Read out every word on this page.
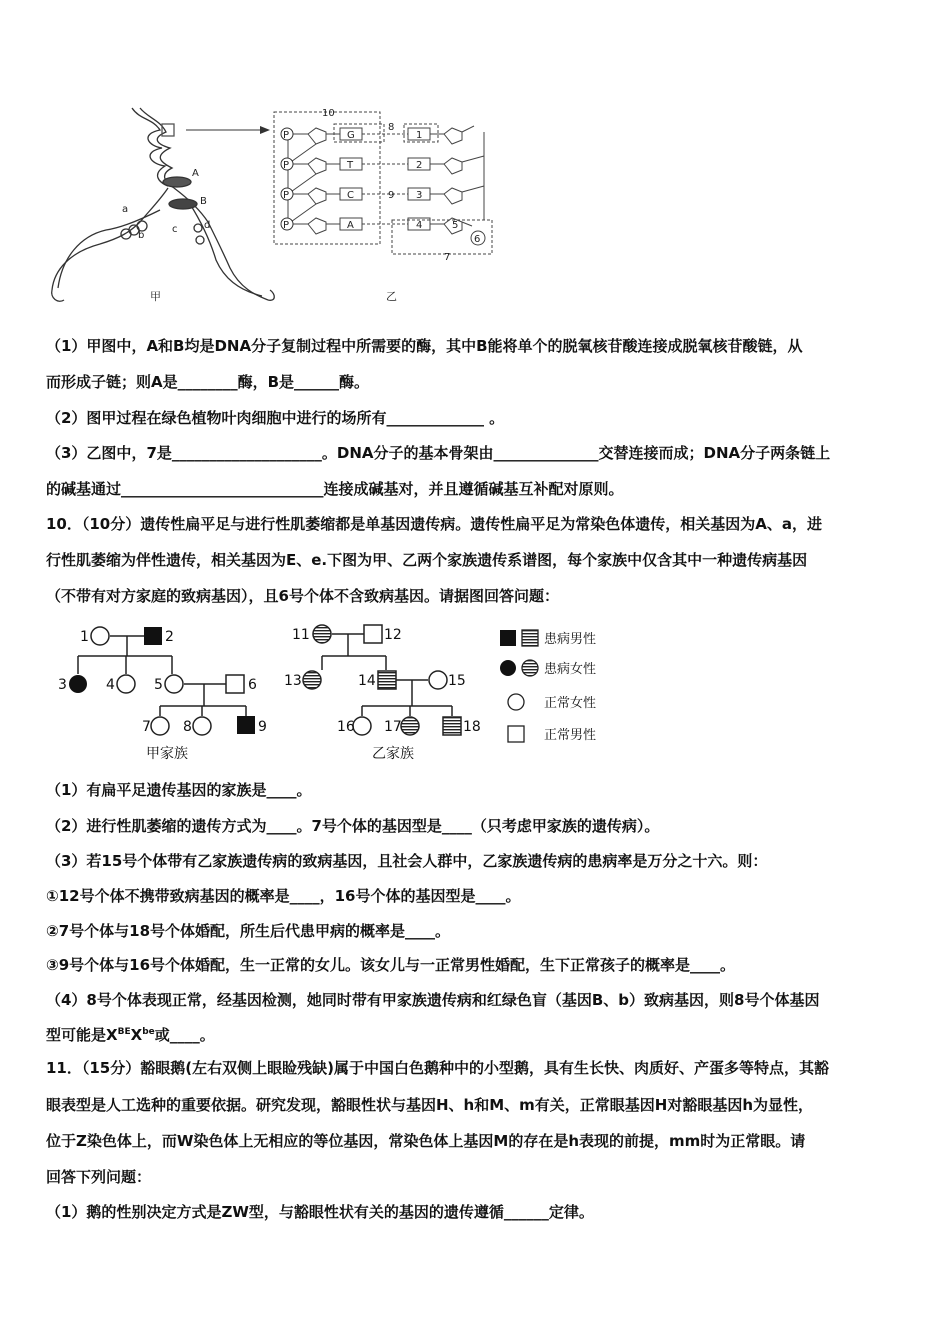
A
B
a
b
c	d
甲
P
P
P
P
G
T
C
A
1
2
3
4
10
8
9
5
6
7
乙
（1）甲图中，A和B均是DNA分子复制过程中所需要的酶，其中B能将单个的脱氧核苷酸连接成脱氧核苷酸链，从
而形成子链；则A是________酶，B是______酶。
（2）图甲过程在绿色植物叶肉细胞中进行的场所有_____________ 。
（3）乙图中，7是____________________。DNA分子的基本骨架由______________交替连接而成；DNA分子两条链上
的碱基通过___________________________连接成碱基对，并且遵循碱基互补配对原则。
10．（10分）遗传性扁平足与进行性肌萎缩都是单基因遗传病。遗传性扁平足为常染色体遗传，相关基因为A、a，进
行性肌萎缩为伴性遗传，相关基因为E、e.下图为甲、乙两个家族遗传系谱图，每个家族中仅含其中一种遗传病基因
（不带有对方家庭的致病基因），且6号个体不含致病基因。请据图回答问题：
1	2
3	4	5	6
7 8	9
11	12
13	14	15
16 17	18
甲家族	乙家族
患病男性
患病女性
正常女性
正常男性
（1）有扁平足遗传基因的家族是____。
（2）进行性肌萎缩的遗传方式为____。7号个体的基因型是____（只考虑甲家族的遗传病）。
（3）若15号个体带有乙家族遗传病的致病基因，且社会人群中，乙家族遗传病的患病率是万分之十六。则：
①12号个体不携带致病基因的概率是____，16号个体的基因型是____。
②7号个体与18号个体婚配，所生后代患甲病的概率是____。
③9号个体与16号个体婚配，生一正常的女儿。该女儿与一正常男性婚配，生下正常孩子的概率是____。
（4）8号个体表现正常，经基因检测，她同时带有甲家族遗传病和红绿色盲（基因B、b）致病基因，则8号个体基因
型可能是$X^{BE}X^{be}$或____。
11．（15分）豁眼鹅(左右双侧上眼睑残缺)属于中国白色鹅种中的小型鹅，具有生长快、肉质好、产蛋多等特点，其豁
眼表型是人工选种的重要依据。研究发现，豁眼性状与基因H、h和M、m有关，正常眼基因H对豁眼基因h为显性，
位于Z染色体上，而W染色体上无相应的等位基因，常染色体上基因M的存在是h表现的前提，mm时为正常眼。请
回答下列问题：
（1）鹅的性别决定方式是ZW型，与豁眼性状有关的基因的遗传遵循______定律。
